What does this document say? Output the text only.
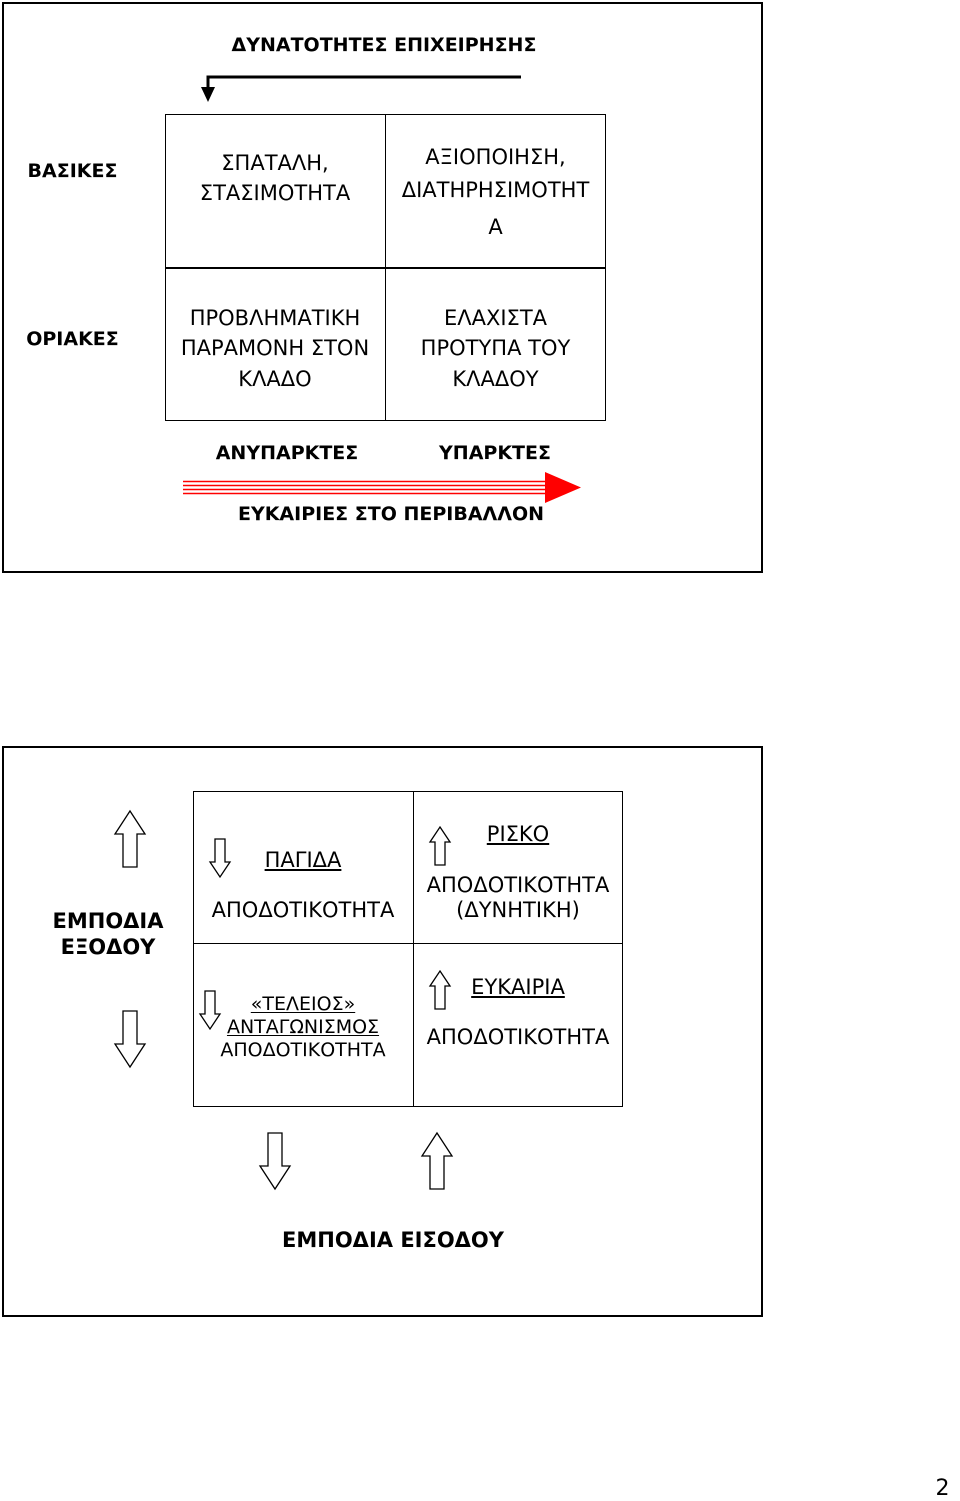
ΔΥΝΑΤΟΤΗΤΕΣ ΕΠΙΧΕΙΡΗΣΗΣ
ΒΑΣΙΚΕΣ
ΟΡΙΑΚΕΣ
ΣΠΑΤΑΛΗ,
ΣΤΑΣΙΜΟΤΗΤΑ
ΑΞΙΟΠΟΙΗΣΗ,
ΔΙΑΤΗΡΗΣΙΜΟΤΗΤ
Α
ΠΡΟΒΛΗΜΑΤΙΚΗ
ΠΑΡΑΜΟΝΗ ΣΤΟΝ
ΚΛΑΔΟ
ΕΛΑΧΙΣΤΑ
ΠΡΟΤΥΠΑ ΤΟΥ
ΚΛΑΔΟΥ
ΑΝΥΠΑΡΚΤΕΣ	ΥΠΑΡΚΤΕΣ
ΕΥΚΑΙΡΙΕΣ ΣΤΟ ΠΕΡΙΒΑΛΛΟΝ
ΕΜΠΟΔΙΑ
ΕΞΟΔΟΥ
ΠΑΓΙΔΑ
ΑΠΟΔΟΤΙΚΟΤΗΤΑ
ΡΙΣΚΟ
ΑΠΟΔΟΤΙΚΟΤΗΤΑ
(ΔΥΝΗΤΙΚΗ)
«ΤΕΛΕΙΟΣ»
ΑΝΤΑΓΩΝΙΣΜΟΣ
ΑΠΟΔΟΤΙΚΟΤΗΤΑ
ΕΥΚΑΙΡΙΑ
ΑΠΟΔΟΤΙΚΟΤΗΤΑ
ΕΜΠΟΔΙΑ ΕΙΣΟΔΟΥ
2
